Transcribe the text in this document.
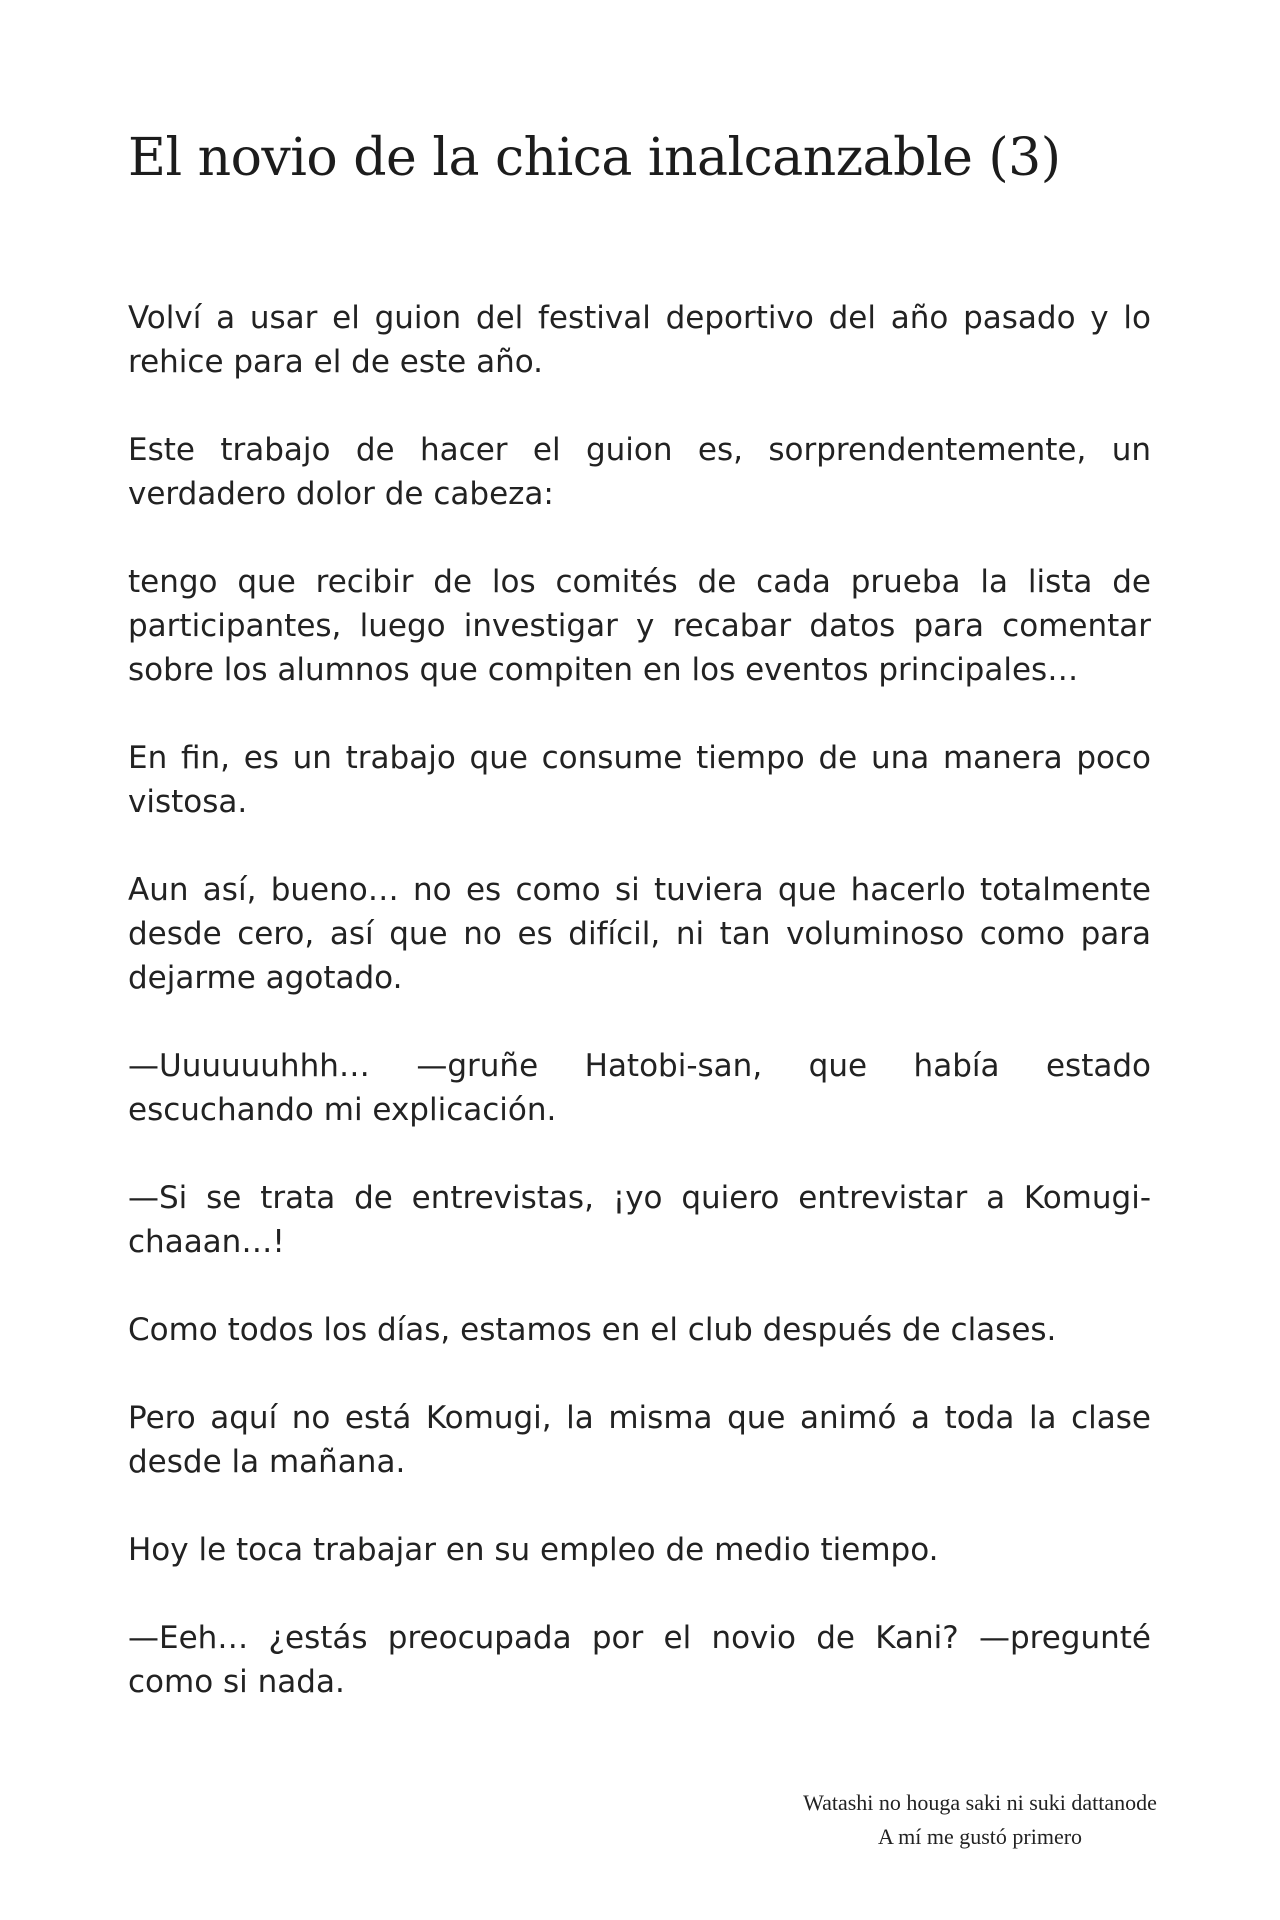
El novio de la chica inalcanzable (3)

Volví a usar el guion del festival deportivo del año pasado y lo rehice para el de este año.

Este trabajo de hacer el guion es, sorprendentemente, un verdadero dolor de cabeza:

tengo que recibir de los comités de cada prueba la lista de participantes, luego investigar y recabar datos para comentar sobre los alumnos que compiten en los eventos principales…

En fin, es un trabajo que consume tiempo de una manera poco vistosa.

Aun así, bueno… no es como si tuviera que hacerlo totalmente desde cero, así que no es difícil, ni tan voluminoso como para dejarme agotado.

—Uuuuuuhhh… —gruñe Hatobi-san, que había estado escuchando mi explicación.

—Si se trata de entrevistas, ¡yo quiero entrevistar a Komugi-chaaan…!

Como todos los días, estamos en el club después de clases.

Pero aquí no está Komugi, la misma que animó a toda la clase desde la mañana.

Hoy le toca trabajar en su empleo de medio tiempo.

—Eeh… ¿estás preocupada por el novio de Kani? —pregunté como si nada.

Watashi no houga saki ni suki dattanode
A mí me gustó primero
